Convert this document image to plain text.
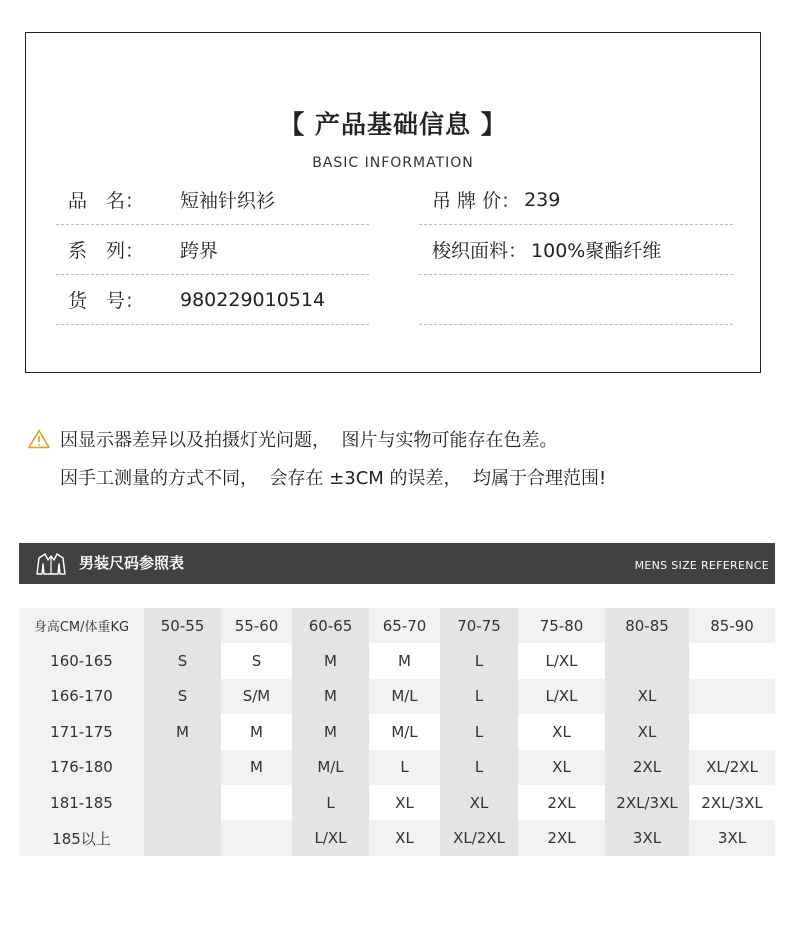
【 产品基础信息 】
BASIC INFORMATION
品　名：	短袖针织衫
系　列：	跨界
货　号：	980229010514
吊 牌 价： 239
梭织面料： 100%聚酯纤维
因显示器差异以及拍摄灯光问题，  图片与实物可能存在色差。
因手工测量的方式不同，  会存在 ±3CM 的误差，  均属于合理范围!
男装尺码参照表	MENS SIZE REFERENCE
身高CM/体重KG	50-55	55-60	60-65	65-70	70-75	75-80	80-85	85-90
160-165	S	S	M	M	L	L/XL		
166-170	S	S/M	M	M/L	L	L/XL	XL	
171-175	M	M	M	M/L	L	XL	XL	
176-180		M	M/L	L	L	XL	2XL	XL/2XL
181-185			L	XL	XL	2XL	2XL/3XL	2XL/3XL
185以上			L/XL	XL	XL/2XL	2XL	3XL	3XL
